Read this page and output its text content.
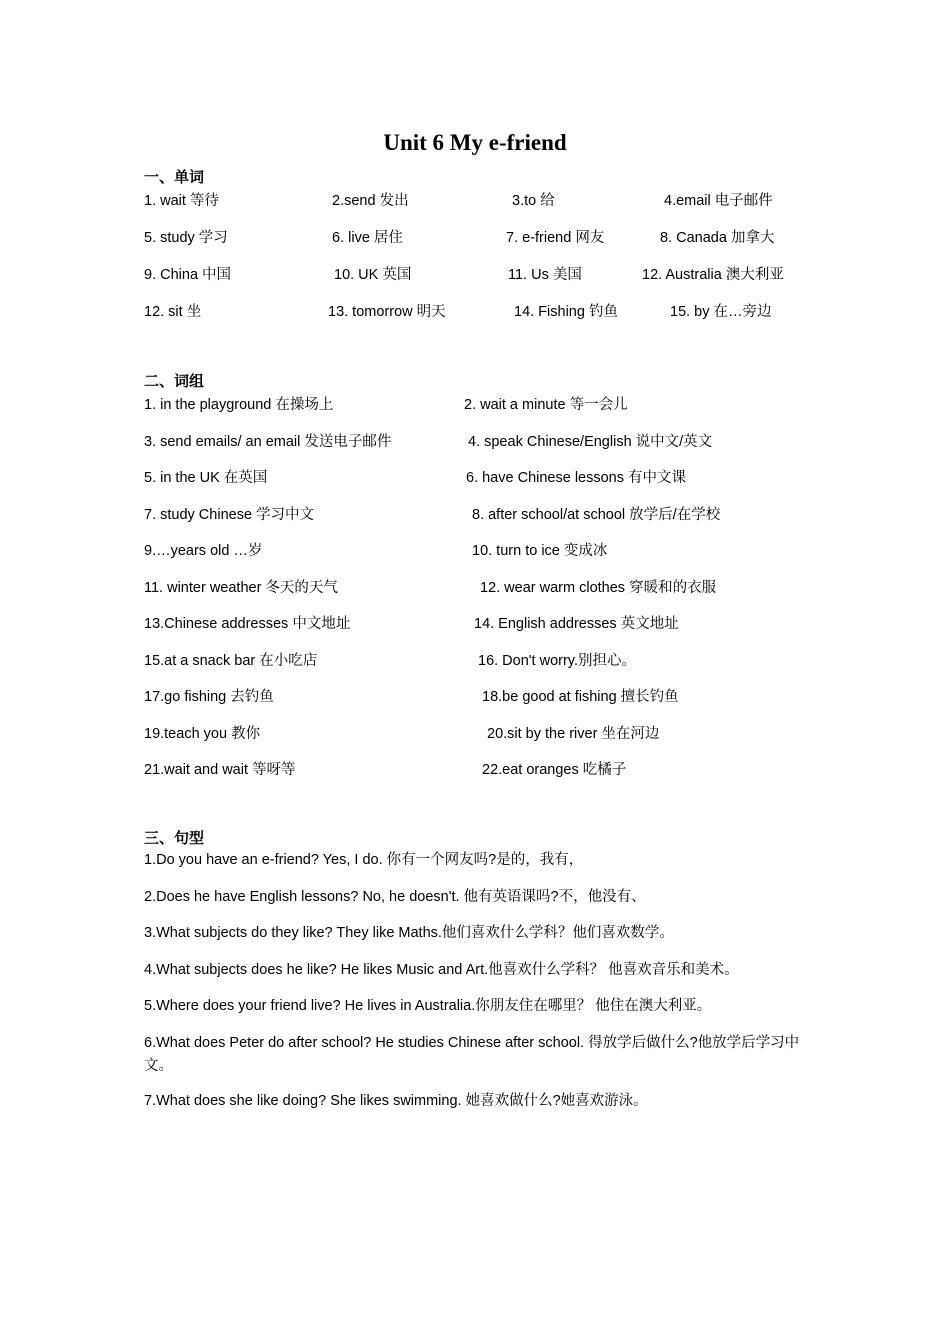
Unit 6 My e-friend
一、单词
1. wait 等待	2.send 发出	3.to 给	4.email 电子邮件
5. study 学习	6. live 居住	7. e-friend 网友	8. Canada 加拿大
9. China 中国	10. UK 英国	11. Us 美国	12. Australia 澳大利亚
12. sit 坐	13. tomorrow 明天	14. Fishing 钓鱼	15. by 在…旁边
二、词组
1. in the playground 在操场上	2. wait a minute 等一会儿
3. send emails/ an email 发送电子邮件	4. speak Chinese/English 说中文/英文
5. in the UK 在英国	6. have Chinese lessons 有中文课
7. study Chinese 学习中文	8. after school/at school 放学后/在学校
9.…years old …岁	10. turn to ice 变成冰
11. winter weather 冬天的天气	12. wear warm clothes 穿暖和的衣服
13.Chinese addresses 中文地址	14. English addresses 英文地址
15.at a snack bar 在小吃店	16. Don't worry.别担心。
17.go fishing 去钓鱼	18.be good at fishing 擅长钓鱼
19.teach you 教你	20.sit by the river 坐在河边
21.wait and wait 等呀等	22.eat oranges 吃橘子
三、句型
1.Do you have an e-friend? Yes, I do. 你有一个网友吗?是的，我有，
2.Does he have English lessons? No, he doesn't. 他有英语课吗?不，他没有、
3.What subjects do they like? They like Maths.他们喜欢什么学科？他们喜欢数学。
4.What subjects does he like? He likes Music and Art.他喜欢什么学科？ 他喜欢音乐和美术。
5.Where does your friend live? He lives in Australia.你朋友住在哪里？ 他住在澳大利亚。
6.What does Peter do after school? He studies Chinese after school. 得放学后做什么?他放学后学习中文。
7.What does she like doing? She likes swimming. 她喜欢做什么?她喜欢游泳。
